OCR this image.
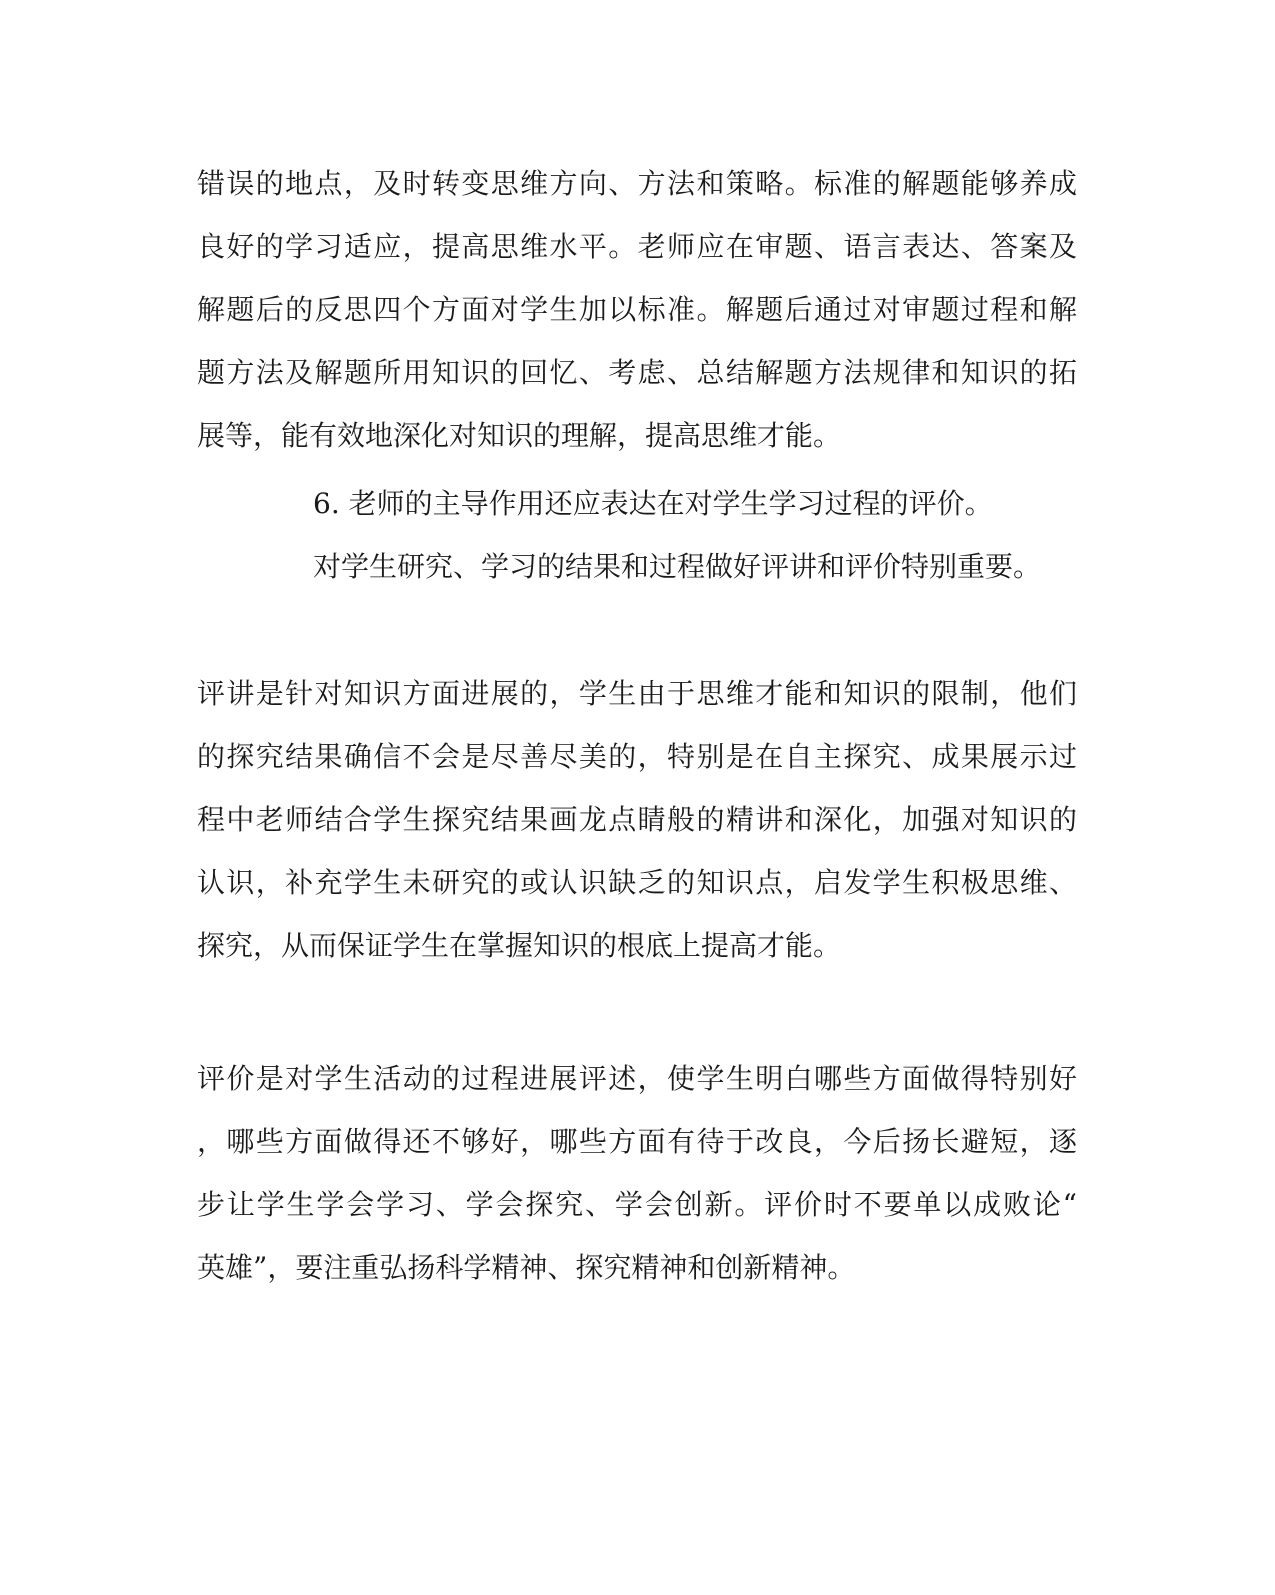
错误的地点，及时转变思维方向、方法和策略。标准的解题能够养成
良好的学习适应，提高思维水平。老师应在审题、语言表达、答案及
解题后的反思四个方面对学生加以标准。解题后通过对审题过程和解
题方法及解题所用知识的回忆、考虑、总结解题方法规律和知识的拓
展等，能有效地深化对知识的理解，提高思维才能。
6. 老师的主导作用还应表达在对学生学习过程的评价。
对学生研究、学习的结果和过程做好评讲和评价特别重要。
评讲是针对知识方面进展的，学生由于思维才能和知识的限制，他们
的探究结果确信不会是尽善尽美的，特别是在自主探究、成果展示过
程中老师结合学生探究结果画龙点睛般的精讲和深化，加强对知识的
认识，补充学生未研究的或认识缺乏的知识点，启发学生积极思维、
探究，从而保证学生在掌握知识的根底上提高才能。
评价是对学生活动的过程进展评述，使学生明白哪些方面做得特别好
，哪些方面做得还不够好，哪些方面有待于改良，今后扬长避短，逐
步让学生学会学习、学会探究、学会创新。评价时不要单以成败论“
英雄”，要注重弘扬科学精神、探究精神和创新精神。
